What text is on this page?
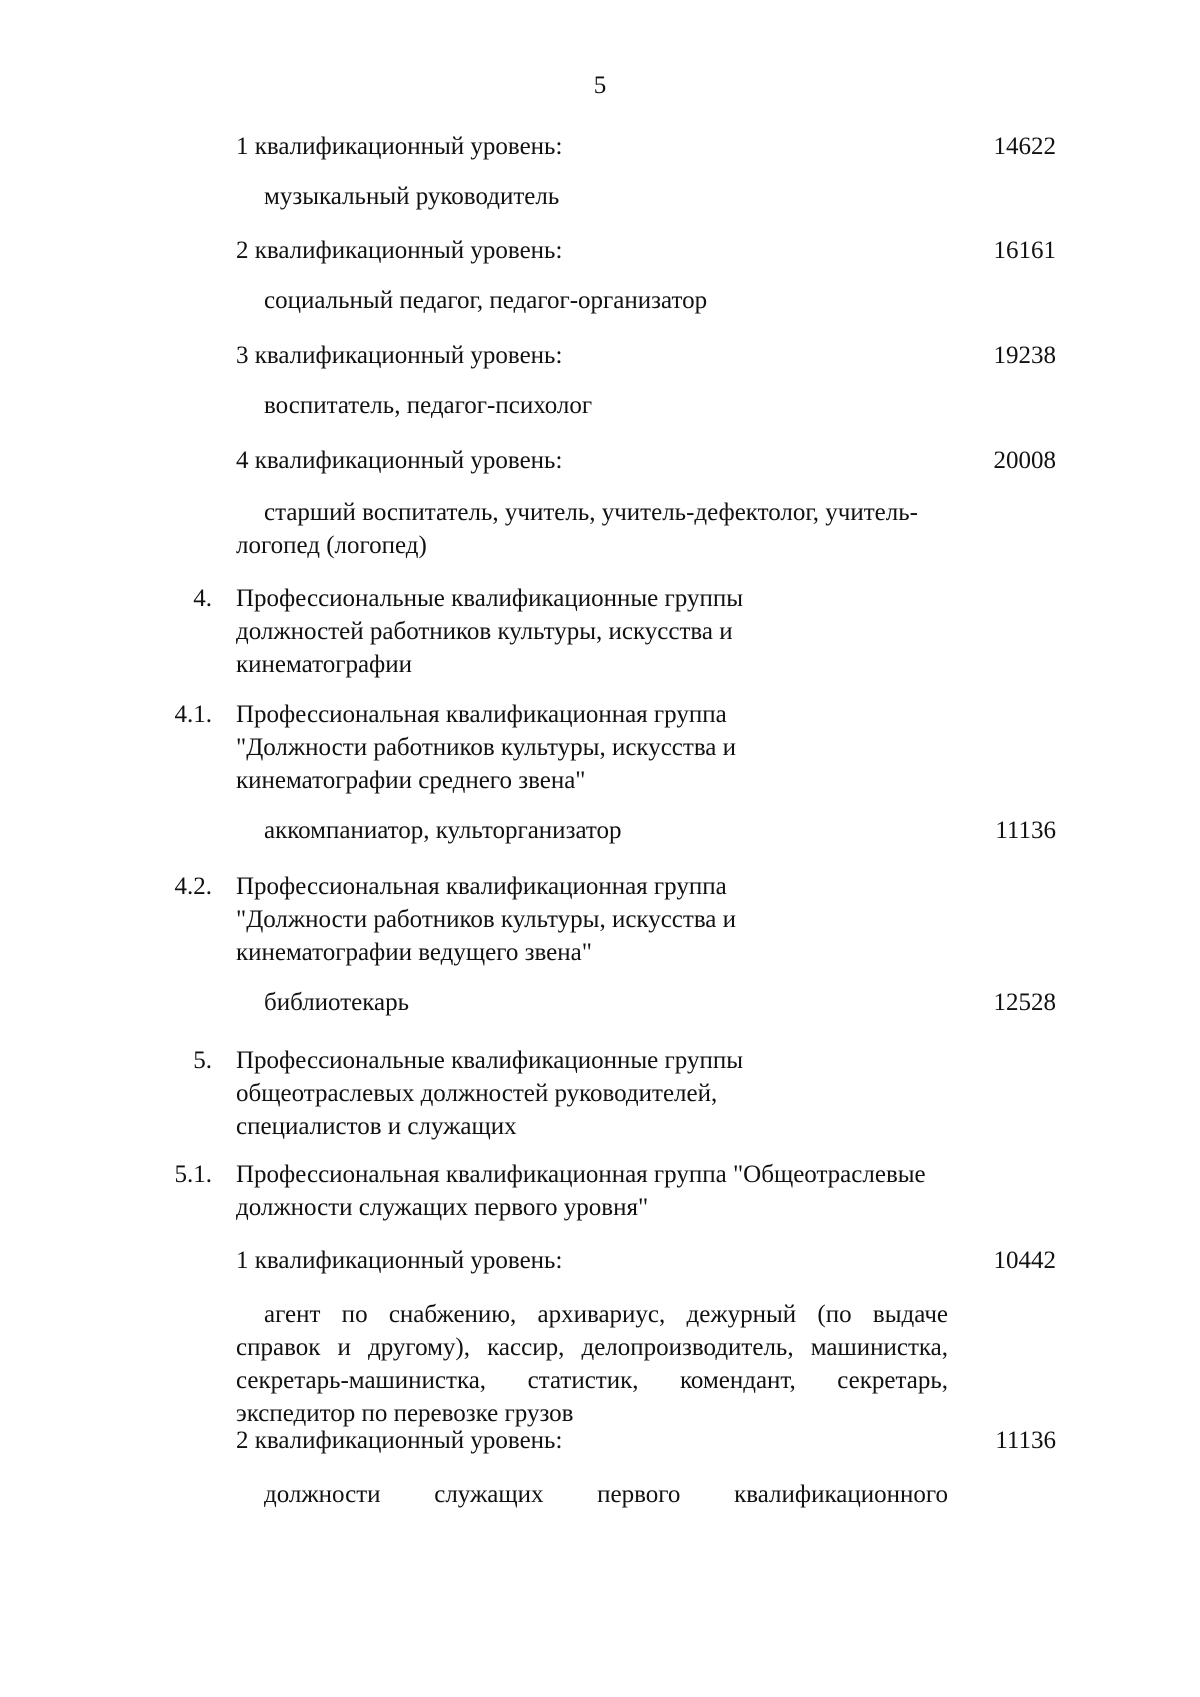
5
1 квалификационный уровень:	14622
музыкальный руководитель
2 квалификационный уровень:	16161
социальный педагог, педагог-организатор
3 квалификационный уровень:	19238
воспитатель, педагог-психолог
4 квалификационный уровень:	20008
старший воспитатель, учитель, учитель-дефектолог, учитель-логопед (логопед)
4. Профессиональные квалификационные группы должностей работников культуры, искусства и кинематографии
4.1. Профессиональная квалификационная группа "Должности работников культуры, искусства и кинематографии среднего звена"
аккомпаниатор, культорганизатор	11136
4.2. Профессиональная квалификационная группа "Должности работников культуры, искусства и кинематографии ведущего звена"
библиотекарь	12528
5. Профессиональные квалификационные группы общеотраслевых должностей руководителей, специалистов и служащих
5.1. Профессиональная квалификационная группа "Общеотраслевые должности служащих первого уровня"
1 квалификационный уровень:	10442
агент по снабжению, архивариус, дежурный (по выдаче справок и другому), кассир, делопроизводитель, машинистка, секретарь-машинистка, статистик, комендант, секретарь, экспедитор по перевозке грузов
2 квалификационный уровень:	11136
должности служащих первого квалификационного
